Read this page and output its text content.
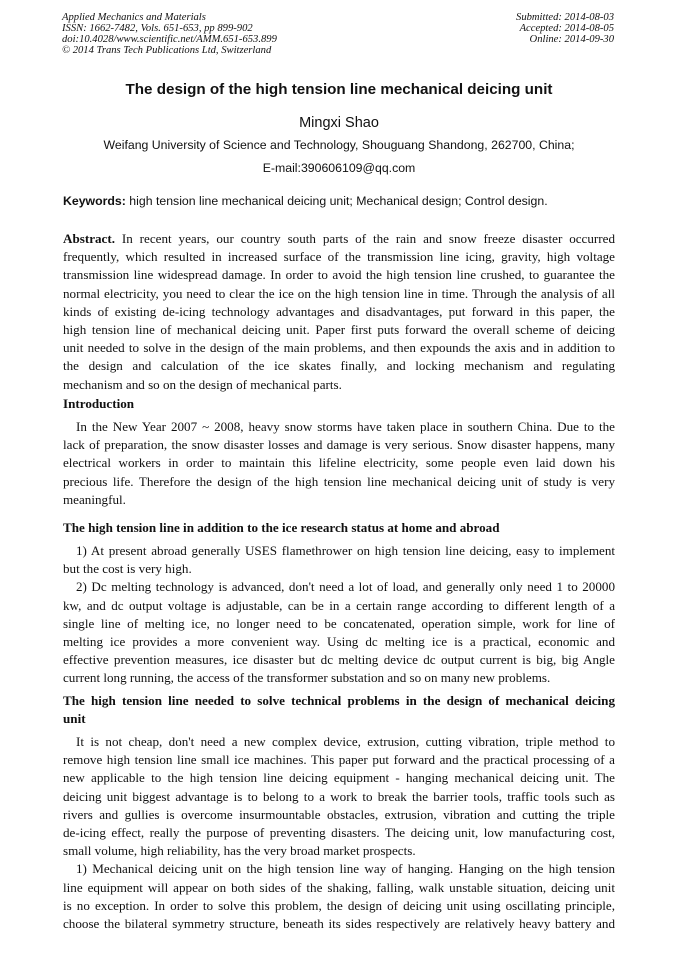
Applied Mechanics and Materials
ISSN: 1662-7482, Vols. 651-653, pp 899-902
doi:10.4028/www.scientific.net/AMM.651-653.899
© 2014 Trans Tech Publications Ltd, Switzerland
Submitted: 2014-08-03
Accepted: 2014-08-05
Online: 2014-09-30
The design of the high tension line mechanical deicing unit
Mingxi Shao
Weifang University of Science and Technology, Shouguang Shandong, 262700, China;
E-mail:390606109@qq.com
Keywords: high tension line mechanical deicing unit; Mechanical design; Control design.
Abstract. In recent years, our country south parts of the rain and snow freeze disaster occurred
frequently, which resulted in increased surface of the transmission line icing, gravity, high voltage
transmission line widespread damage. In order to avoid the high tension line crushed, to guarantee the
normal electricity, you need to clear the ice on the high tension line in time. Through the analysis of all
kinds of existing de-icing technology advantages and disadvantages, put forward in this paper, the
high tension line of mechanical deicing unit. Paper first puts forward the overall scheme of deicing
unit needed to solve in the design of the main problems, and then expounds the axis and in addition to
the design and calculation of the ice skates finally, and locking mechanism and regulating
mechanism and so on the design of mechanical parts.
Introduction
In the New Year 2007 ~ 2008, heavy snow storms have taken place in southern China. Due to the
lack of preparation, the snow disaster losses and damage is very serious. Snow disaster happens, many
electrical workers in order to maintain this lifeline electricity, some people even laid down his
precious life. Therefore the design of the high tension line mechanical deicing unit of study is very
meaningful.
The high tension line in addition to the ice research status at home and abroad
1) At present abroad generally USES flamethrower on high tension line deicing, easy to implement
but the cost is very high.
2) Dc melting technology is advanced, don't need a lot of load, and generally only need 1 to 20000
kw, and dc output voltage is adjustable, can be in a certain range according to different length of a
single line of melting ice, no longer need to be concatenated, operation simple, work for line of
melting ice provides a more convenient way. Using dc melting ice is a practical, economic and
effective prevention measures, ice disaster but dc melting device dc output current is big, big Angle
current long running, the access of the transformer substation and so on many new problems.
The high tension line needed to solve technical problems in the design of mechanical deicing
unit
It is not cheap, don't need a new complex device, extrusion, cutting vibration, triple method to
remove high tension line small ice machines. This paper put forward and the practical processing of a
new applicable to the high tension line deicing equipment - hanging mechanical deicing unit. The
deicing unit biggest advantage is to belong to a work to break the barrier tools, traffic tools such as
rivers and gullies is overcome insurmountable obstacles, extrusion, vibration and cutting the triple
de-icing effect, really the purpose of preventing disasters. The deicing unit, low manufacturing cost,
small volume, high reliability, has the very broad market prospects.
1) Mechanical deicing unit on the high tension line way of hanging. Hanging on the high tension
line equipment will appear on both sides of the shaking, falling, walk unstable situation, deicing unit
is no exception. In order to solve this problem, the design of deicing unit using oscillating principle,
choose the bilateral symmetry structure, beneath its sides respectively are relatively heavy battery and
